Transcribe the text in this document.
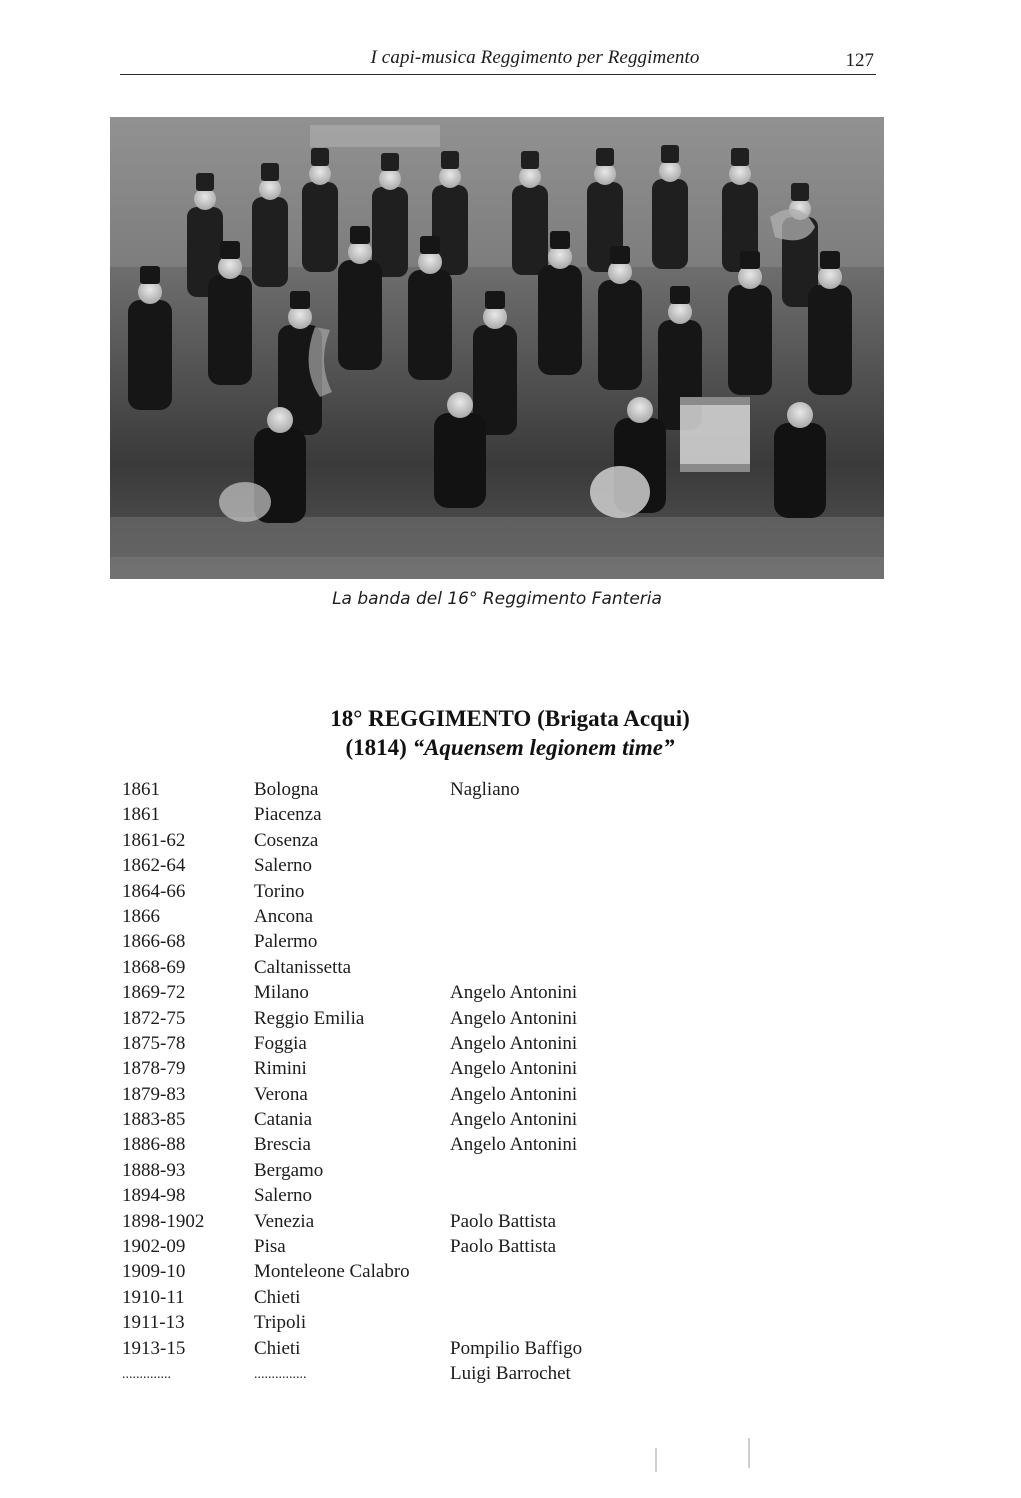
I capi-musica Reggimento per Reggimento	127
La banda del 16° Reggimento Fanteria
18° REGGIMENTO (Brigata Acqui)
(1814) “Aquensem legionem time”
1861	Bologna	Nagliano
1861	Piacenza
1861-62	Cosenza
1862-64	Salerno
1864-66	Torino
1866	Ancona
1866-68	Palermo
1868-69	Caltanissetta
1869-72	Milano	Angelo Antonini
1872-75	Reggio Emilia	Angelo Antonini
1875-78	Foggia	Angelo Antonini
1878-79	Rimini	Angelo Antonini
1879-83	Verona	Angelo Antonini
1883-85	Catania	Angelo Antonini
1886-88	Brescia	Angelo Antonini
1888-93	Bergamo
1894-98	Salerno
1898-1902	Venezia	Paolo Battista
1902-09	Pisa	Paolo Battista
1909-10	Monteleone Calabro
1910-11	Chieti
1911-13	Tripoli
1913-15	Chieti	Pompilio Baffigo
..............	...............	Luigi Barrochet
